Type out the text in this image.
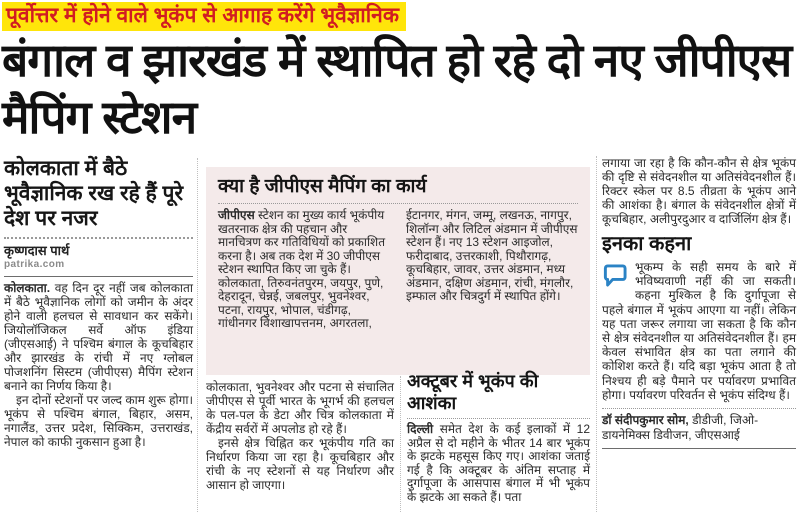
पूर्वोत्तर में होने वाले भूकंप से आगाह करेंगे भूवैज्ञानिक
बंगाल व झारखंड में स्थापित हो रहे दो नए जीपीएस मैपिंग स्टेशन
कोलकाता में बैठे भूवैज्ञानिक रख रहे हैं पूरे देश पर नजर
कृष्णदास पार्थ
patrika.com

कोलकाता. वह दिन दूर नहीं जब कोलकाता में बैठे भूवैज्ञानिक लोगों को जमीन के अंदर होने वाली हलचल से सावधान कर सकेंगे। जियोलॉजिकल सर्वे ऑफ इंडिया (जीएसआई) ने पश्चिम बंगाल के कूचबिहार और झारखंड के रांची में नए ग्लोबल पोजशनिंग सिस्टम (जीपीएस) मैपिंग स्टेशन बनाने का निर्णय किया है।

इन दोनों स्टेशनों पर जल्द काम शुरू होगा। भूकंप से पश्चिम बंगाल, बिहार, असम, नगालैंड, उत्तर प्रदेश, सिक्किम, उत्तराखंड, नेपाल को काफी नुकसान हुआ है।

क्या है जीपीएस मैपिंग का कार्य
जीपीएस स्टेशन का मुख्य कार्य भूकंपीय खतरनाक क्षेत्र की पहचान और मानचित्रण कर गतिविधियों को प्रकाशित करना है। अब तक देश में 30 जीपीएस स्टेशन स्थापित किए जा चुके हैं। कोलकाता, तिरुवनंतपुरम, जयपुर, पुणे, देहरादून, चेन्नई, जबलपुर, भुवनेश्वर, पटना, रायपुर, भोपाल, चंडीगढ़, गांधीनगर विशाखापत्तनम, अगरतला,
ईटानगर, मंगन, जम्मू, लखनऊ, नागपुर, शिलॉन्ग और लिटिल अंडमान में जीपीएस स्टेशन हैं। नए 13 स्टेशन आइजोल, फरीदाबाद, उत्तरकाशी, पिथौरागढ़, कूचबिहार, जावर, उत्तर अंडमान, मध्य अंडमान, दक्षिण अंडमान, रांची, मंगलौर, इम्फाल और चित्रदुर्ग में स्थापित होंगे।

कोलकाता, भुवनेश्वर और पटना से संचालित जीपीएस से पूर्वी भारत के भूगर्भ की हलचल के पल-पल के डेटा और चित्र कोलकाता में केंद्रीय सर्वरों में अपलोड हो रहे हैं।

इनसे क्षेत्र चिह्नित कर भूकंपीय गति का निर्धारण किया जा रहा है। कूचबिहार और रांची के नए स्टेशनों से यह निर्धारण और आसान हो जाएगा।

अक्टूबर में भूकंप की आशंका
दिल्ली समेत देश के कई इलाकों में 12 अप्रैल से दो महीने के भीतर 14 बार भूकंप के झटके महसूस किए गए। आशंका जताई गई है कि अक्टूबर के अंतिम सप्ताह में दुर्गापूजा के आसपास बंगाल में भी भूकंप के झटके आ सकते हैं। पता

लगाया जा रहा है कि कौन-कौन से क्षेत्र भूकंप की दृष्टि से संवेदनशील या अतिसंवेदनशील हैं। रिक्टर स्केल पर 8.5 तीव्रता के भूकंप आने की आशंका है। बंगाल के संवेदनशील क्षेत्रों में कूचबिहार, अलीपुरदुआर व दार्जिलिंग क्षेत्र हैं।

इनका कहना
भूकम्प के सही समय के बारे में भविष्यवाणी नहीं की जा सकती। कहना मुश्किल है कि दुर्गापूजा से पहले बंगाल में भूकंप आएगा या नहीं। लेकिन यह पता जरूर लगाया जा सकता है कि कौन से क्षेत्र संवेदनशील या अतिसंवेदनशील हैं। हम केवल संभावित क्षेत्र का पता लगाने की कोशिश करते हैं। यदि बड़ा भूकंप आता है तो निश्चय ही बड़े पैमाने पर पर्यावरण प्रभावित होगा। पर्यावरण परिवर्तन से भूकंप संदिग्ध हैं।

डॉ संदीपकुमार सोम, डीडीजी, जिओ-डायनेमिक्स डिवीजन, जीएसआई
